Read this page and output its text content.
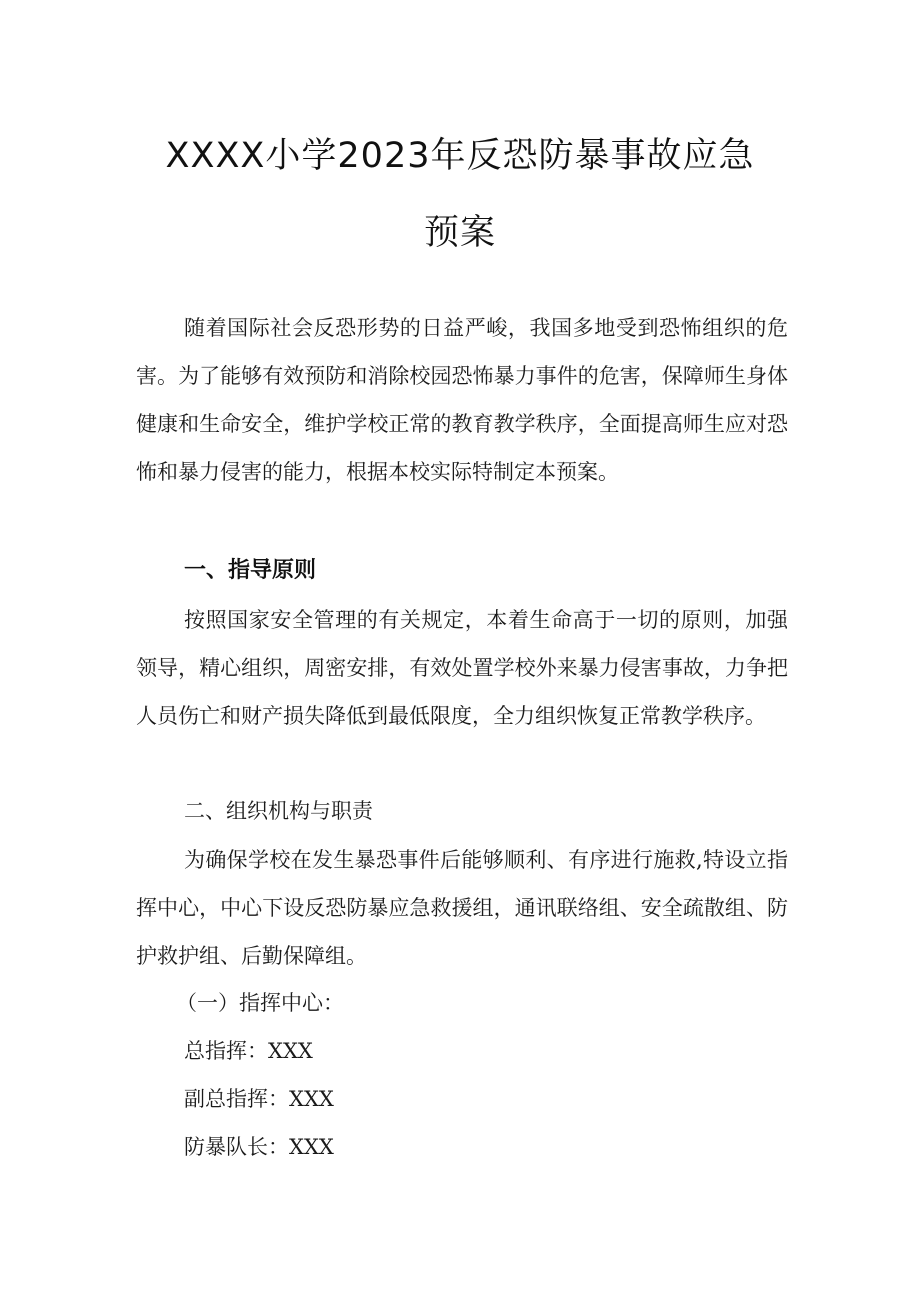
XXXX小学2023年反恐防暴事故应急
预案

随着国际社会反恐形势的日益严峻，我国多地受到恐怖组织的危害。为了能够有效预防和消除校园恐怖暴力事件的危害，保障师生身体健康和生命安全，维护学校正常的教育教学秩序，全面提高师生应对恐怖和暴力侵害的能力，根据本校实际特制定本预案。

一、指导原则

按照国家安全管理的有关规定，本着生命高于一切的原则，加强领导，精心组织，周密安排，有效处置学校外来暴力侵害事故，力争把人员伤亡和财产损失降低到最低限度，全力组织恢复正常教学秩序。

二、组织机构与职责

为确保学校在发生暴恐事件后能够顺利、有序进行施救,特设立指挥中心，中心下设反恐防暴应急救援组，通讯联络组、安全疏散组、防护救护组、后勤保障组。

（一）指挥中心：
总指挥：XXX
副总指挥：XXX
防暴队长：XXX
